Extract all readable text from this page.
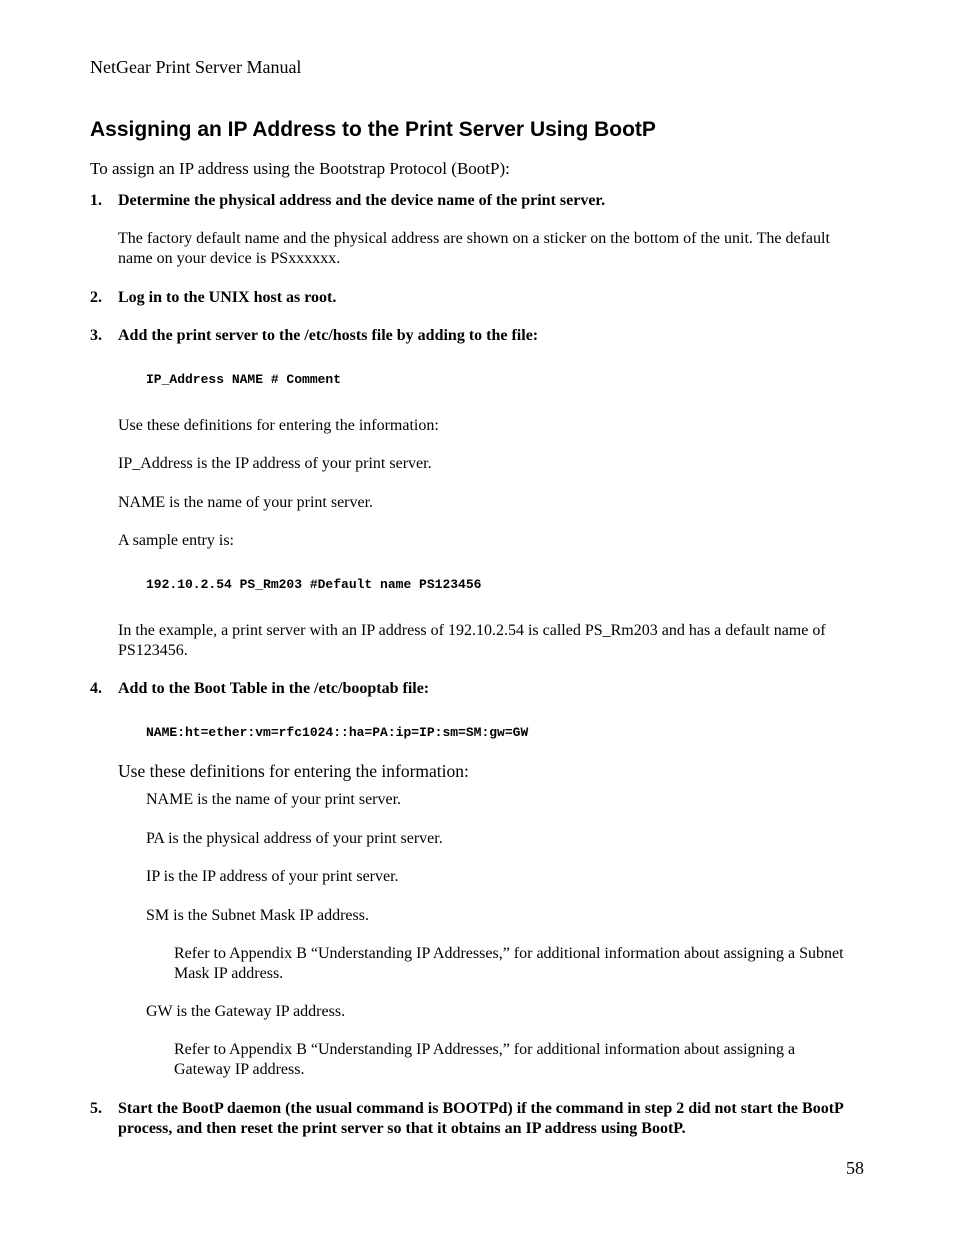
NetGear Print Server Manual
Assigning an IP Address to the Print Server Using BootP

To assign an IP address using the Bootstrap Protocol (BootP):

1. Determine the physical address and the device name of the print server.

The factory default name and the physical address are shown on a sticker on the bottom of the unit. The default name on your device is PSxxxxxx.

2. Log in to the UNIX host as root.
3. Add the print server to the /etc/hosts file by adding to the file:
IP_Address NAME # Comment

Use these definitions for entering the information:

IP_Address is the IP address of your print server.

NAME is the name of your print server.

A sample entry is:

192.10.2.54 PS_Rm203 #Default name PS123456

In the example, a print server with an IP address of 192.10.2.54 is called PS_Rm203 and has a default name of PS123456.

4. Add to the Boot Table in the /etc/booptab file:
NAME:ht=ether:vm=rfc1024::ha=PA:ip=IP:sm=SM:gw=GW

Use these definitions for entering the information:

NAME is the name of your print server.

PA is the physical address of your print server.

IP is the IP address of your print server.

SM is the Subnet Mask IP address.

Refer to Appendix B “Understanding IP Addresses,” for additional information about assigning a Subnet Mask IP address.

GW is the Gateway IP address.

Refer to Appendix B “Understanding IP Addresses,” for additional information about assigning a Gateway IP address.

5. Start the BootP daemon (the usual command is BOOTPd) if the command in step 2 did not start the BootP process, and then reset the print server so that it obtains an IP address using BootP.
58
